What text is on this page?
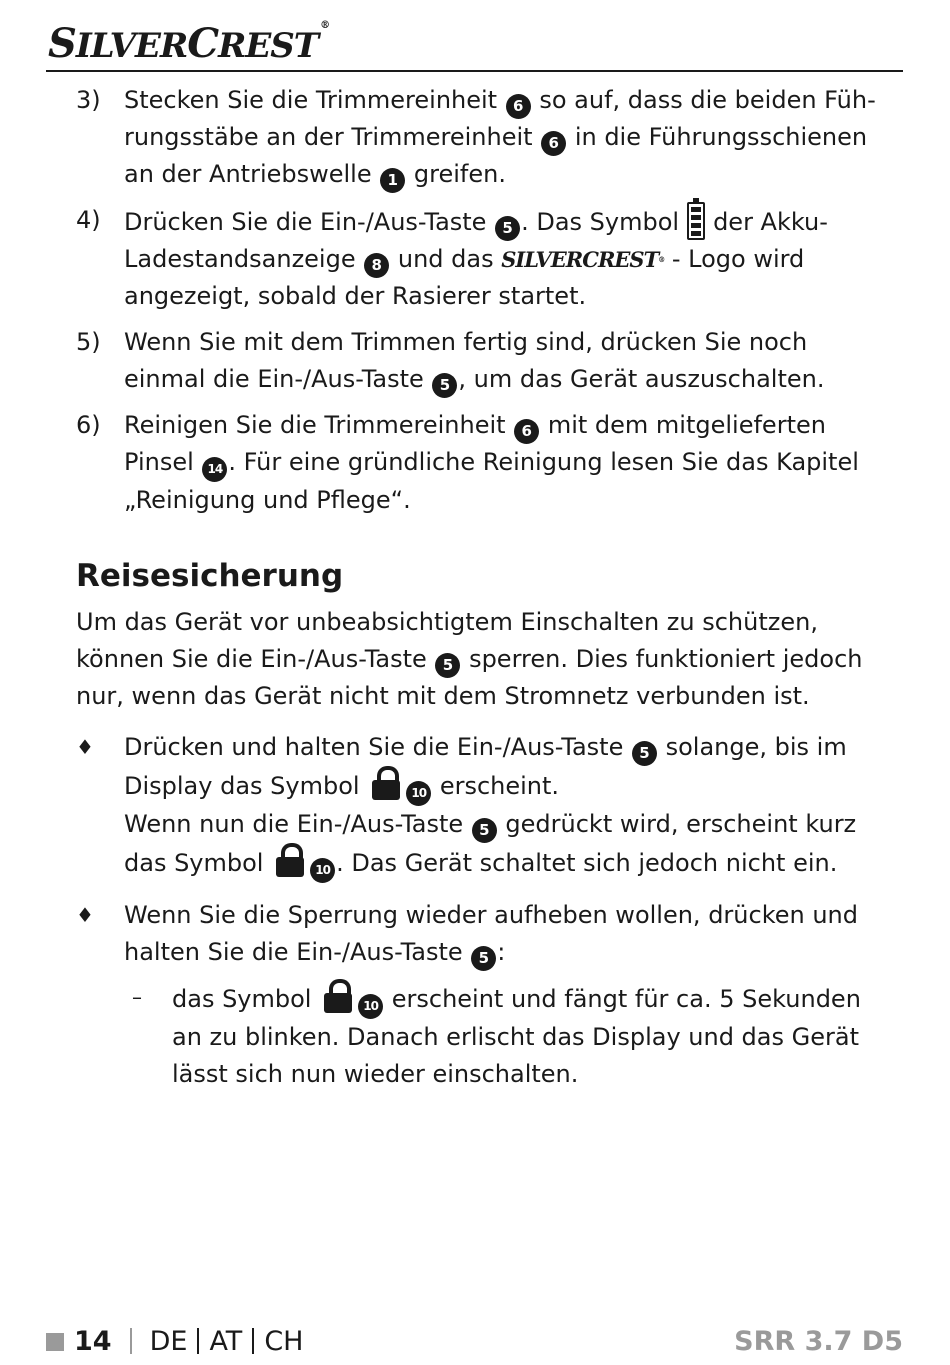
SILVERCREST®
3) Stecken Sie die Trimmereinheit 6 so auf, dass die beiden Führungsstäbe an der Trimmereinheit 6 in die Führungsschienen an der Antriebswelle 1 greifen.
4) Drücken Sie die Ein-/Aus-Taste 5 . Das Symbol der Akku-Ladestandsanzeige 8 und das SILVERCREST® - Logo wird angezeigt, sobald der Rasierer startet.
5) Wenn Sie mit dem Trimmen fertig sind, drücken Sie noch einmal die Ein-/Aus-Taste 5 , um das Gerät auszuschalten.
6) Reinigen Sie die Trimmereinheit 6 mit dem mitgelieferten Pinsel 14 . Für eine gründliche Reinigung lesen Sie das Kapitel „Reinigung und Pflege“.
Reisesicherung
Um das Gerät vor unbeabsichtigtem Einschalten zu schützen, können Sie die Ein-/Aus-Taste 5 sperren. Dies funktioniert jedoch nur, wenn das Gerät nicht mit dem Stromnetz verbunden ist.
♦	Drücken und halten Sie die Ein-/Aus-Taste 5 solange, bis im Display das Symbol	10 erscheint.
Wenn nun die Ein-/Aus-Taste 5 gedrückt wird, erscheint kurz das Symbol	10 . Das Gerät schaltet sich jedoch nicht ein.
♦	Wenn Sie die Sperrung wieder aufheben wollen, drücken und halten Sie die Ein-/Aus-Taste 5 :
–	das Symbol	10 erscheint und fängt für ca. 5 Sekunden an zu blinken. Danach erlischt das Display und das Gerät lässt sich nun wieder einschalten.
14 DE AT CH	SRR 3.7 D5
